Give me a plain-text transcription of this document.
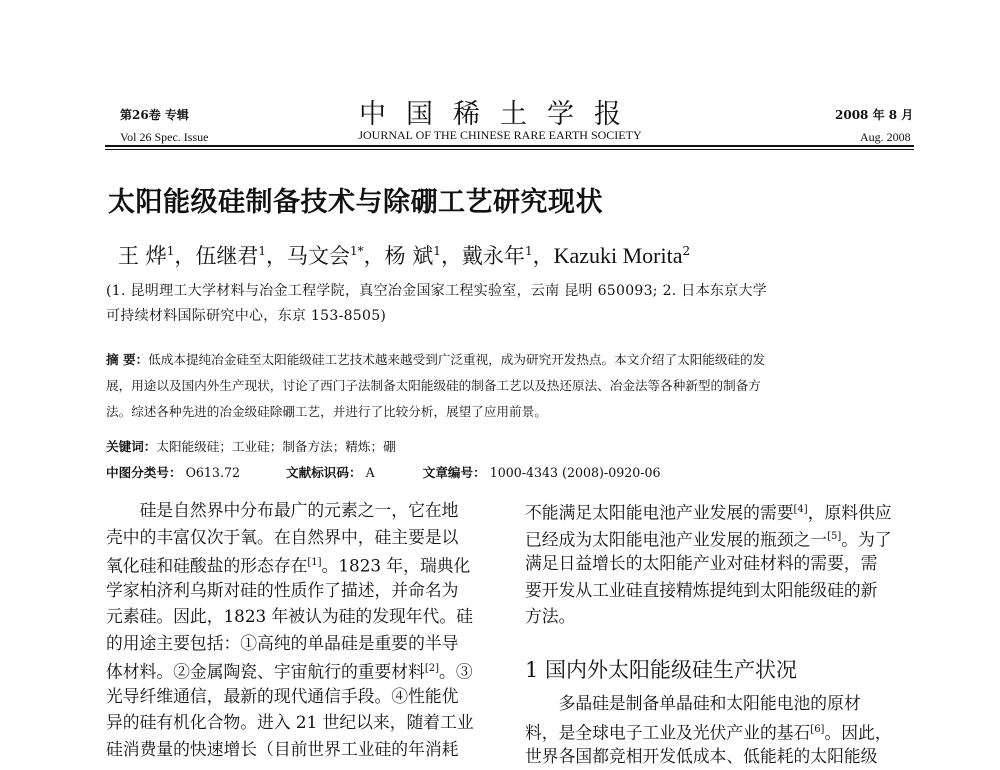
第26卷 专辑	中国稀土学报	2008 年 8 月
Vol 26 Spec. Issue	JOURNAL OF THE CHINESE RARE EARTH SOCIETY	Aug. 2008
太阳能级硅制备技术与除硼工艺研究现状
王 烨$^1$，伍继君$^1$，马文会$^{1*}$，杨 斌$^1$，戴永年$^1$，Kazuki Morita$^2$
(1. 昆明理工大学材料与冶金工程学院，真空冶金国家工程实验室，云南 昆明 650093; 2. 日本东京大学
可持续材料国际研究中心，东京 153-8505)
摘 要：低成本提纯冶金硅至太阳能级硅工艺技术越来越受到广泛重视，成为研究开发热点。本文介绍了太阳能级硅的发
展，用途以及国内外生产现状，讨论了西门子法制备太阳能级硅的制备工艺以及热还原法、冶金法等各种新型的制备方
法。综述各种先进的冶金级硅除硼工艺，并进行了比较分析，展望了应用前景。
关键词：太阳能级硅；工业硅；制备方法；精炼；硼
中图分类号： O613.72	文献标识码： A	文章编号： 1000-4343 (2008)-0920-06
　　硅是自然界中分布最广的元素之一，它在地
壳中的丰富仅次于氧。在自然界中，硅主要是以
氧化硅和硅酸盐的形态存在[1]。1823 年，瑞典化
学家柏济利乌斯对硅的性质作了描述，并命名为
元素硅。因此，1823 年被认为硅的发现年代。硅
的用途主要包括：①高纯的单晶硅是重要的半导
体材料。②金属陶瓷、宇宙航行的重要材料[2]。③
光导纤维通信，最新的现代通信手段。④性能优
异的硅有机化合物。进入 21 世纪以来，随着工业
硅消费量的快速增长（目前世界工业硅的年消耗
不能满足太阳能电池产业发展的需要[4]，原料供应
已经成为太阳能电池产业发展的瓶颈之一[5]。为了
满足日益增长的太阳能产业对硅材料的需要，需
要开发从工业硅直接精炼提纯到太阳能级硅的新
方法。
1 国内外太阳能级硅生产状况
　　多晶硅是制备单晶硅和太阳能电池的原材
料，是全球电子工业及光伏产业的基石[6]。因此，
世界各国都竞相开发低成本、低能耗的太阳能级
